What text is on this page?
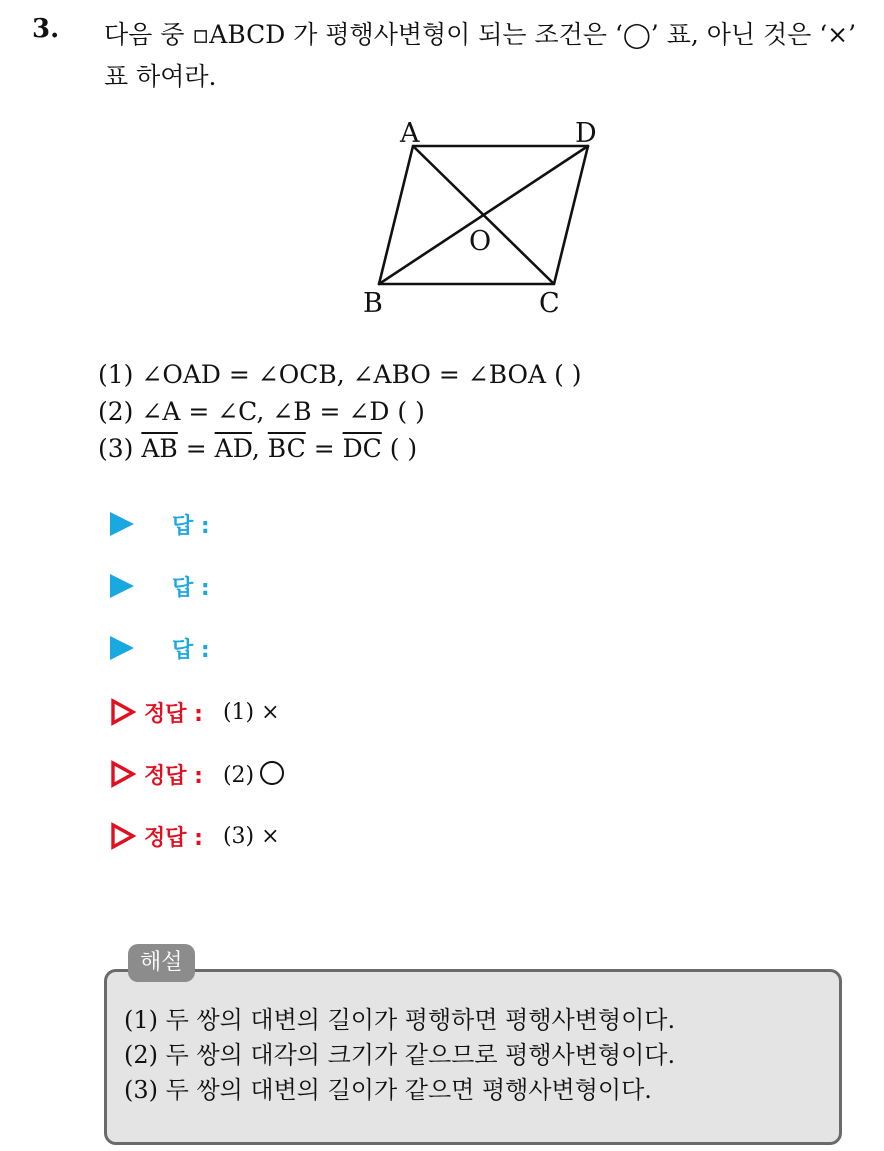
3. 다음 중 ▫ABCD 가 평행사변형이 되는 조건은 ‘◯’ 표, 아닌 것은 ‘×’
표 하여라.

A	D
B	C
O
(1) ∠OAD = ∠OCB, ∠ABO = ∠BOA ( )
(2) ∠A = ∠C, ∠B = ∠D ( )
(3) $\overline{AB} = \overline{AD}$, $\overline{BC} = \overline{DC}$ ( )
답 :
답 :
답 :
정답 : (1) ×
정답 : (2)
정답 : (3) ×
해설
(1) 두 쌍의 대변의 길이가 평행하면 평행사변형이다.
(2) 두 쌍의 대각의 크기가 같으므로 평행사변형이다.
(3) 두 쌍의 대변의 길이가 같으면 평행사변형이다.
